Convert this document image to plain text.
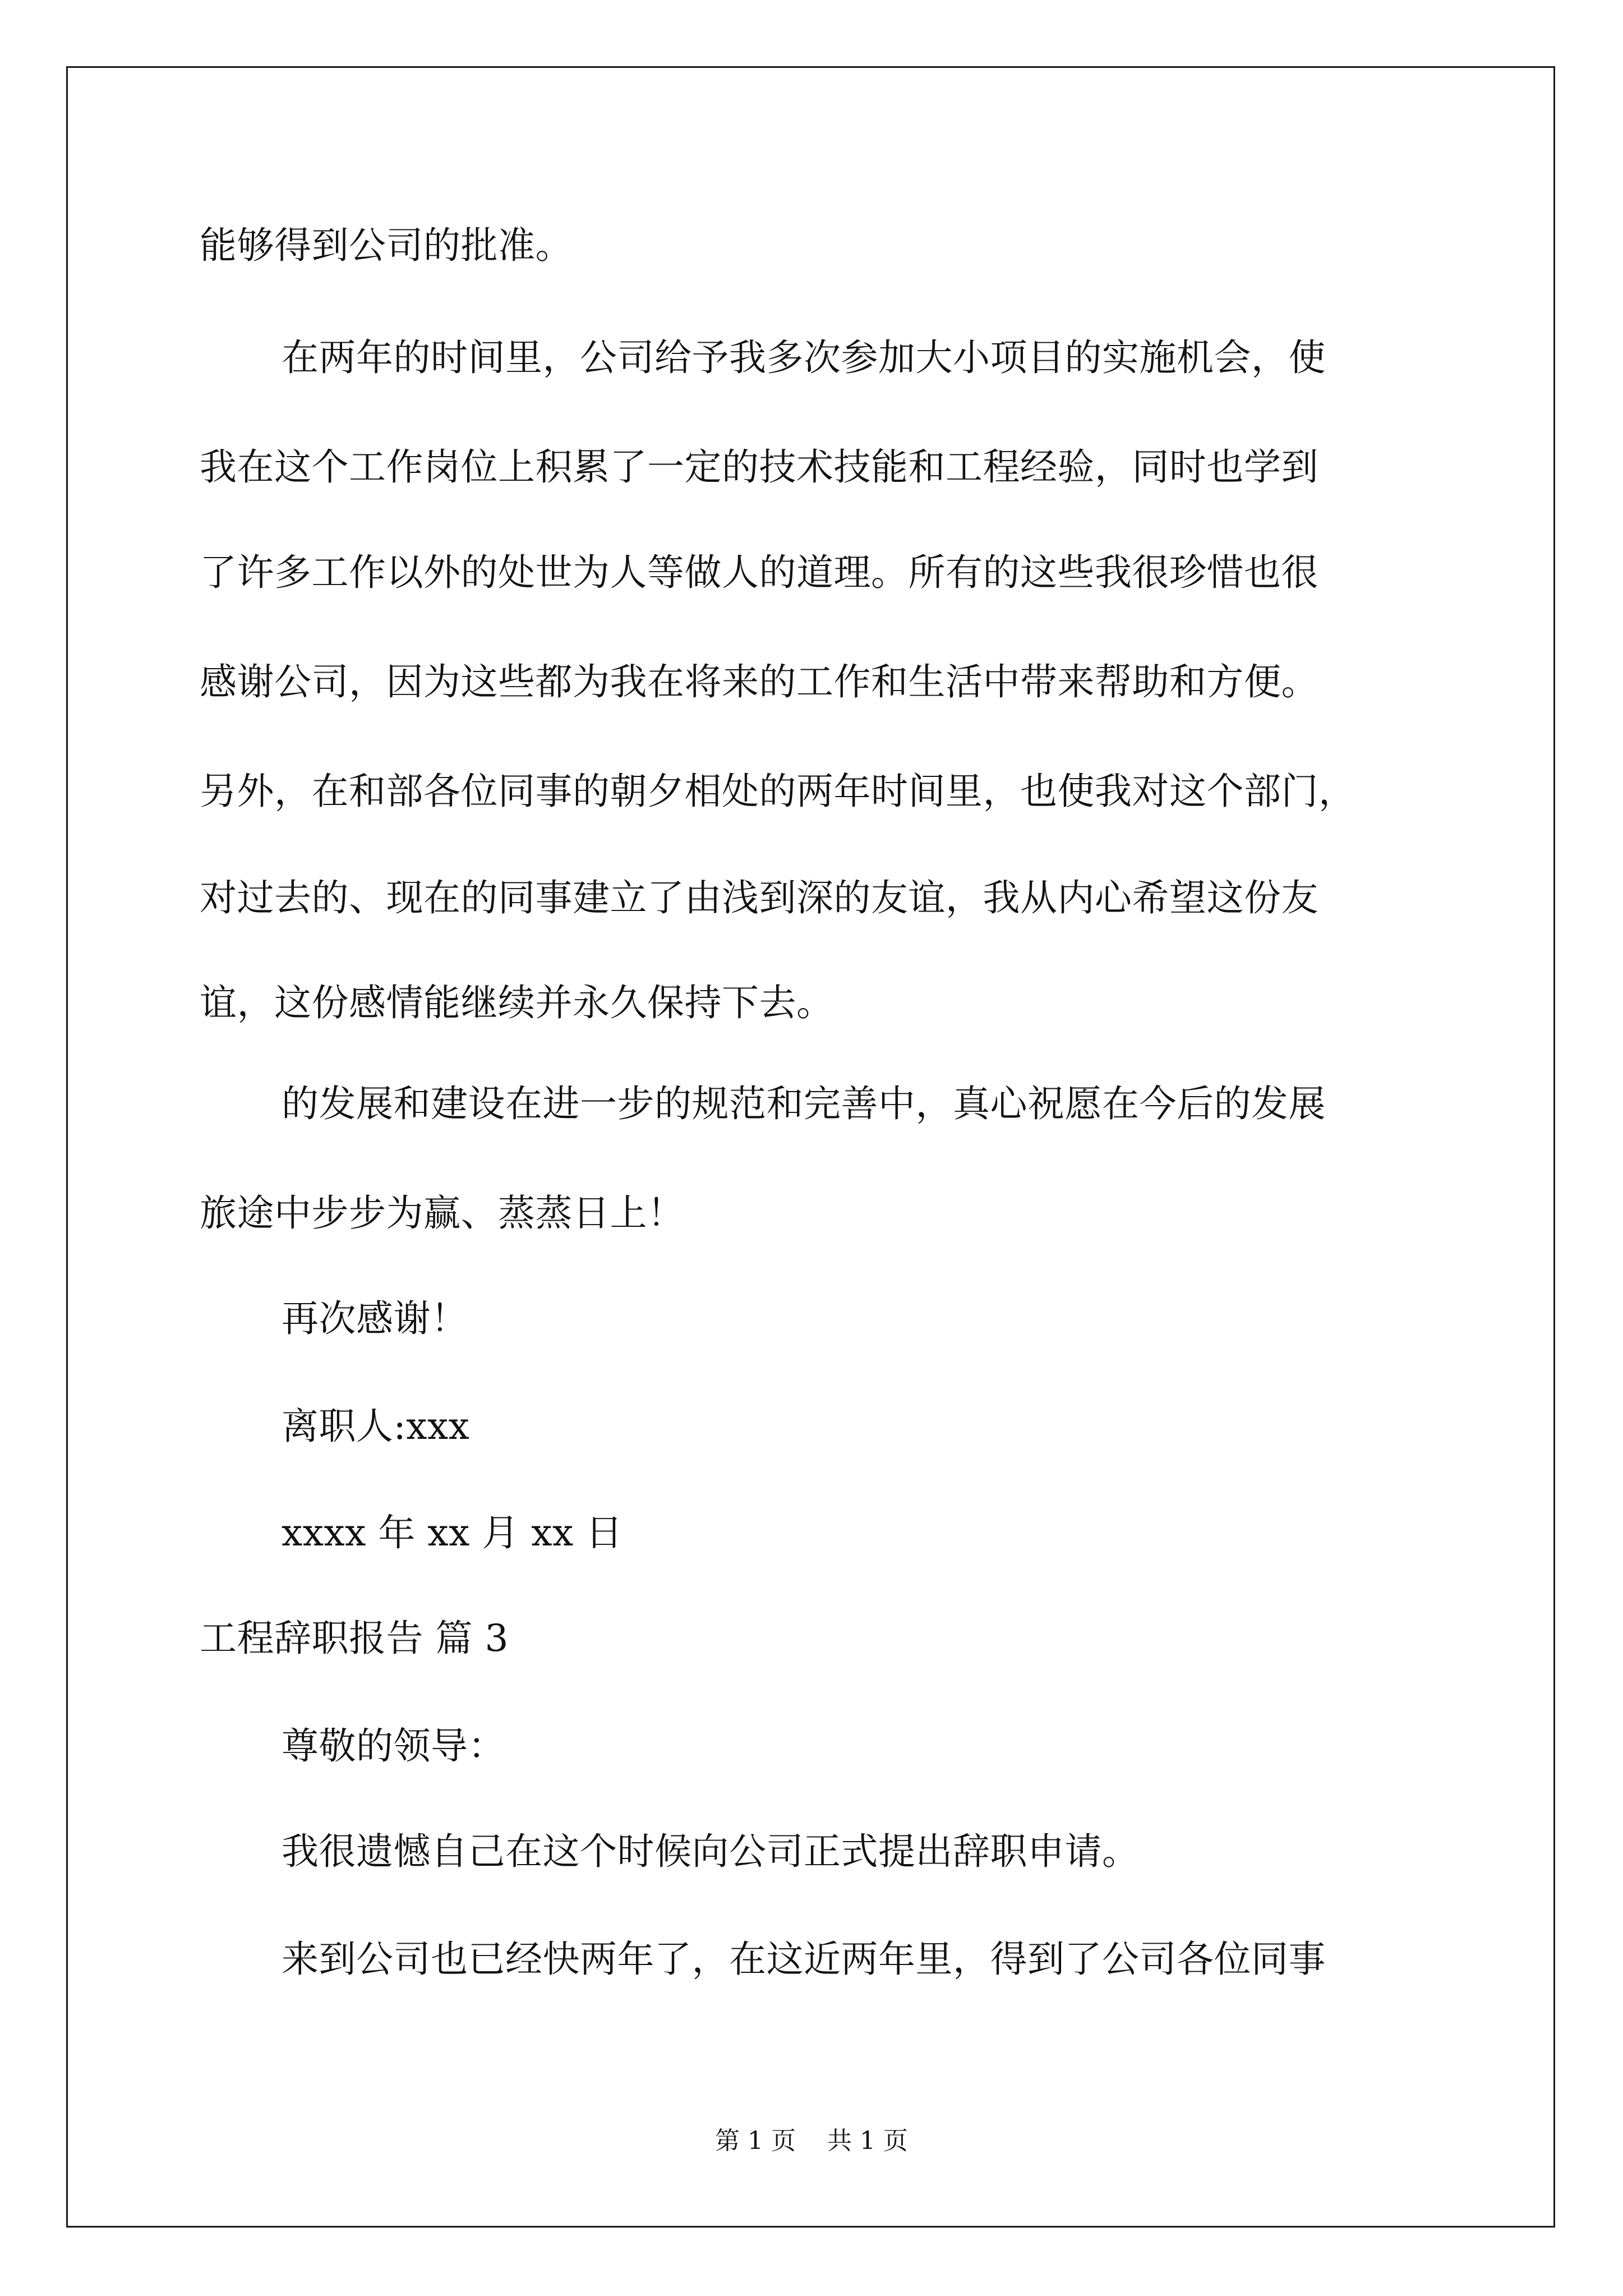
能够得到公司的批准。
在两年的时间里，公司给予我多次参加大小项目的实施机会，使
我在这个工作岗位上积累了一定的技术技能和工程经验，同时也学到
了许多工作以外的处世为人等做人的道理。所有的这些我很珍惜也很
感谢公司，因为这些都为我在将来的工作和生活中带来帮助和方便。
另外，在和部各位同事的朝夕相处的两年时间里，也使我对这个部门，
对过去的、现在的同事建立了由浅到深的友谊，我从内心希望这份友
谊，这份感情能继续并永久保持下去。
的发展和建设在进一步的规范和完善中，真心祝愿在今后的发展
旅途中步步为赢、蒸蒸日上！
再次感谢！
离职人:xxx
xxxx 年 xx 月 xx 日
工程辞职报告 篇 3
尊敬的领导：
我很遗憾自己在这个时候向公司正式提出辞职申请。
来到公司也已经快两年了，在这近两年里，得到了公司各位同事
第 1 页    共 1 页
